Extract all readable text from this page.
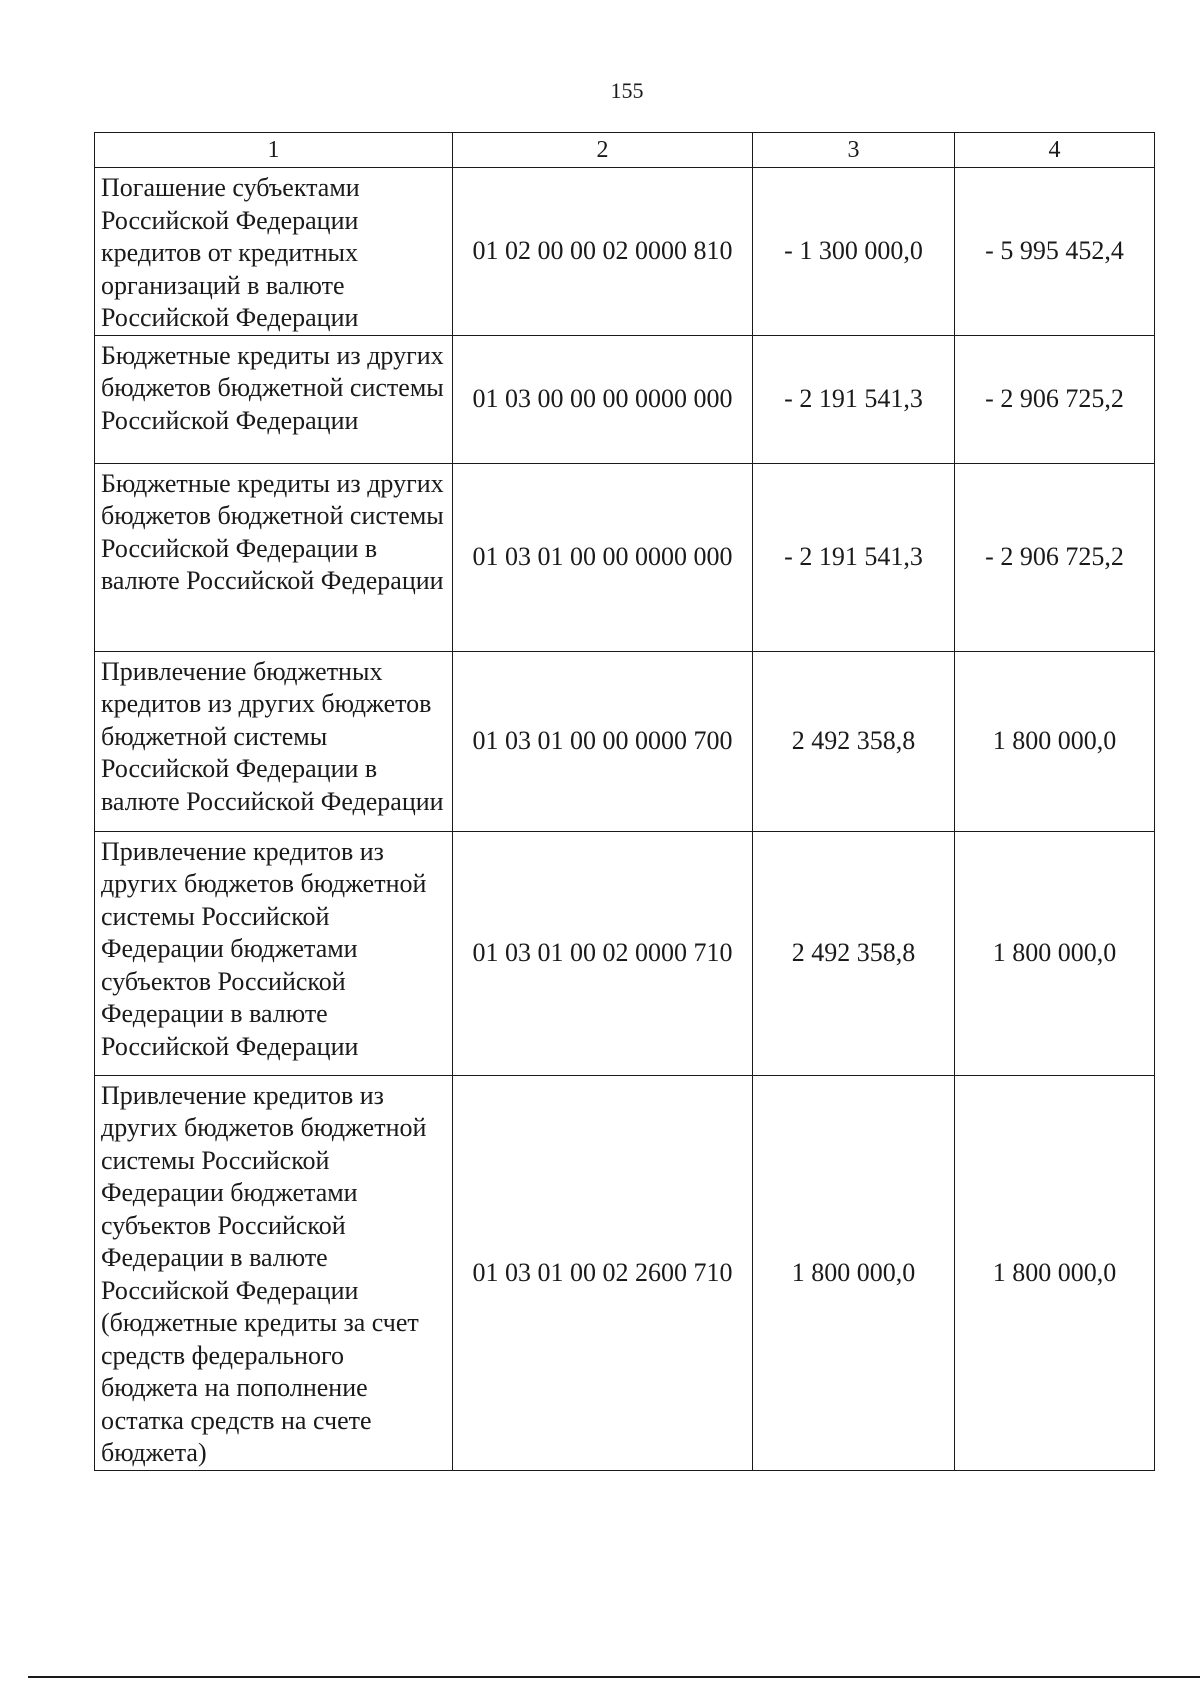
155
1	2	3	4
Погашение субъектами Российской Федерации кредитов от кредитных организаций в валюте Российской Федерации	01 02 00 00 02 0000 810	- 1 300 000,0	- 5 995 452,4
Бюджетные кредиты из других бюджетов бюджетной системы Российской Федерации	01 03 00 00 00 0000 000	- 2 191 541,3	- 2 906 725,2
Бюджетные кредиты из других бюджетов бюджетной системы Российской Федерации в валюте Российской Федерации	01 03 01 00 00 0000 000	- 2 191 541,3	- 2 906 725,2
Привлечение бюджетных кредитов из других бюджетов бюджетной системы Российской Федерации в валюте Российской Федерации	01 03 01 00 00 0000 700	2 492 358,8	1 800 000,0
Привлечение кредитов из других бюджетов бюджетной системы Российской Федерации бюджетами субъектов Российской Федерации в валюте Российской Федерации	01 03 01 00 02 0000 710	2 492 358,8	1 800 000,0
Привлечение кредитов из других бюджетов бюджетной системы Российской Федерации бюджетами субъектов Российской Федерации в валюте Российской Федерации (бюджетные кредиты за счет средств федерального бюджета на пополнение остатка средств на счете бюджета)	01 03 01 00 02 2600 710	1 800 000,0	1 800 000,0
